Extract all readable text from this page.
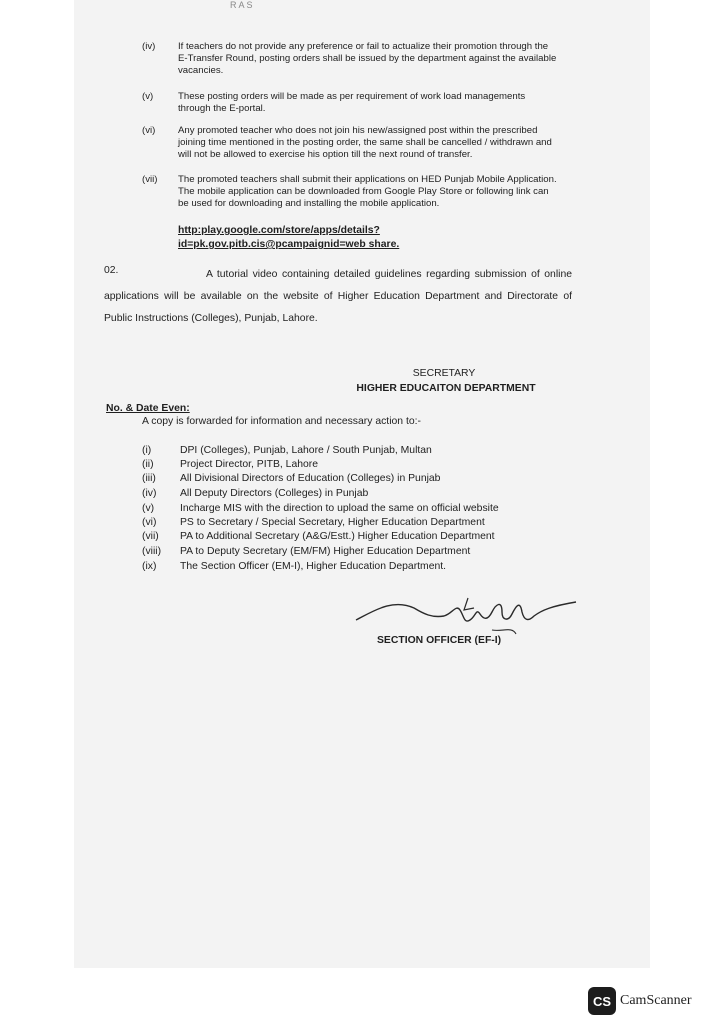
RAS
(iv) If teachers do not provide any preference or fail to actualize their promotion through the E-Transfer Round, posting orders shall be issued by the department against the available vacancies.
(v)	These posting orders will be made as per requirement of work load managements through the E-portal.
(vi) Any promoted teacher who does not join his new/assigned post within the prescribed joining time mentioned in the posting order, the same shall be cancelled / withdrawn and will not be allowed to exercise his option till the next round of transfer.
(vii) The promoted teachers shall submit their applications on HED Punjab Mobile Application. The mobile application can be downloaded from Google Play Store or following link can be used for downloading and installing the mobile application.
http:play.google.com/store/apps/details?id=pk.gov.pitb.cis@pcampaignid=web share.
02.	A tutorial video containing detailed guidelines regarding submission of online applications will be available on the website of Higher Education Department and Directorate of Public Instructions (Colleges), Punjab, Lahore.
SECRETARY
HIGHER EDUCAITON DEPARTMENT
No. & Date Even:
A copy is forwarded for information and necessary action to:-
(i)	DPI (Colleges), Punjab, Lahore / South Punjab, Multan
(ii)	Project Director, PITB, Lahore
(iii) All Divisional Directors of Education (Colleges) in Punjab
(iv) All Deputy Directors (Colleges) in Punjab
(v) Incharge MIS with the direction to upload the same on official website
(vi) PS to Secretary / Special Secretary, Higher Education Department
(vii) PA to Additional Secretary (A&G/Estt.) Higher Education Department
(viii) PA to Deputy Secretary (EM/FM) Higher Education Department
(ix) The Section Officer (EM-I), Higher Education Department.
SECTION OFFICER (EF-I)
CS CamScanner
